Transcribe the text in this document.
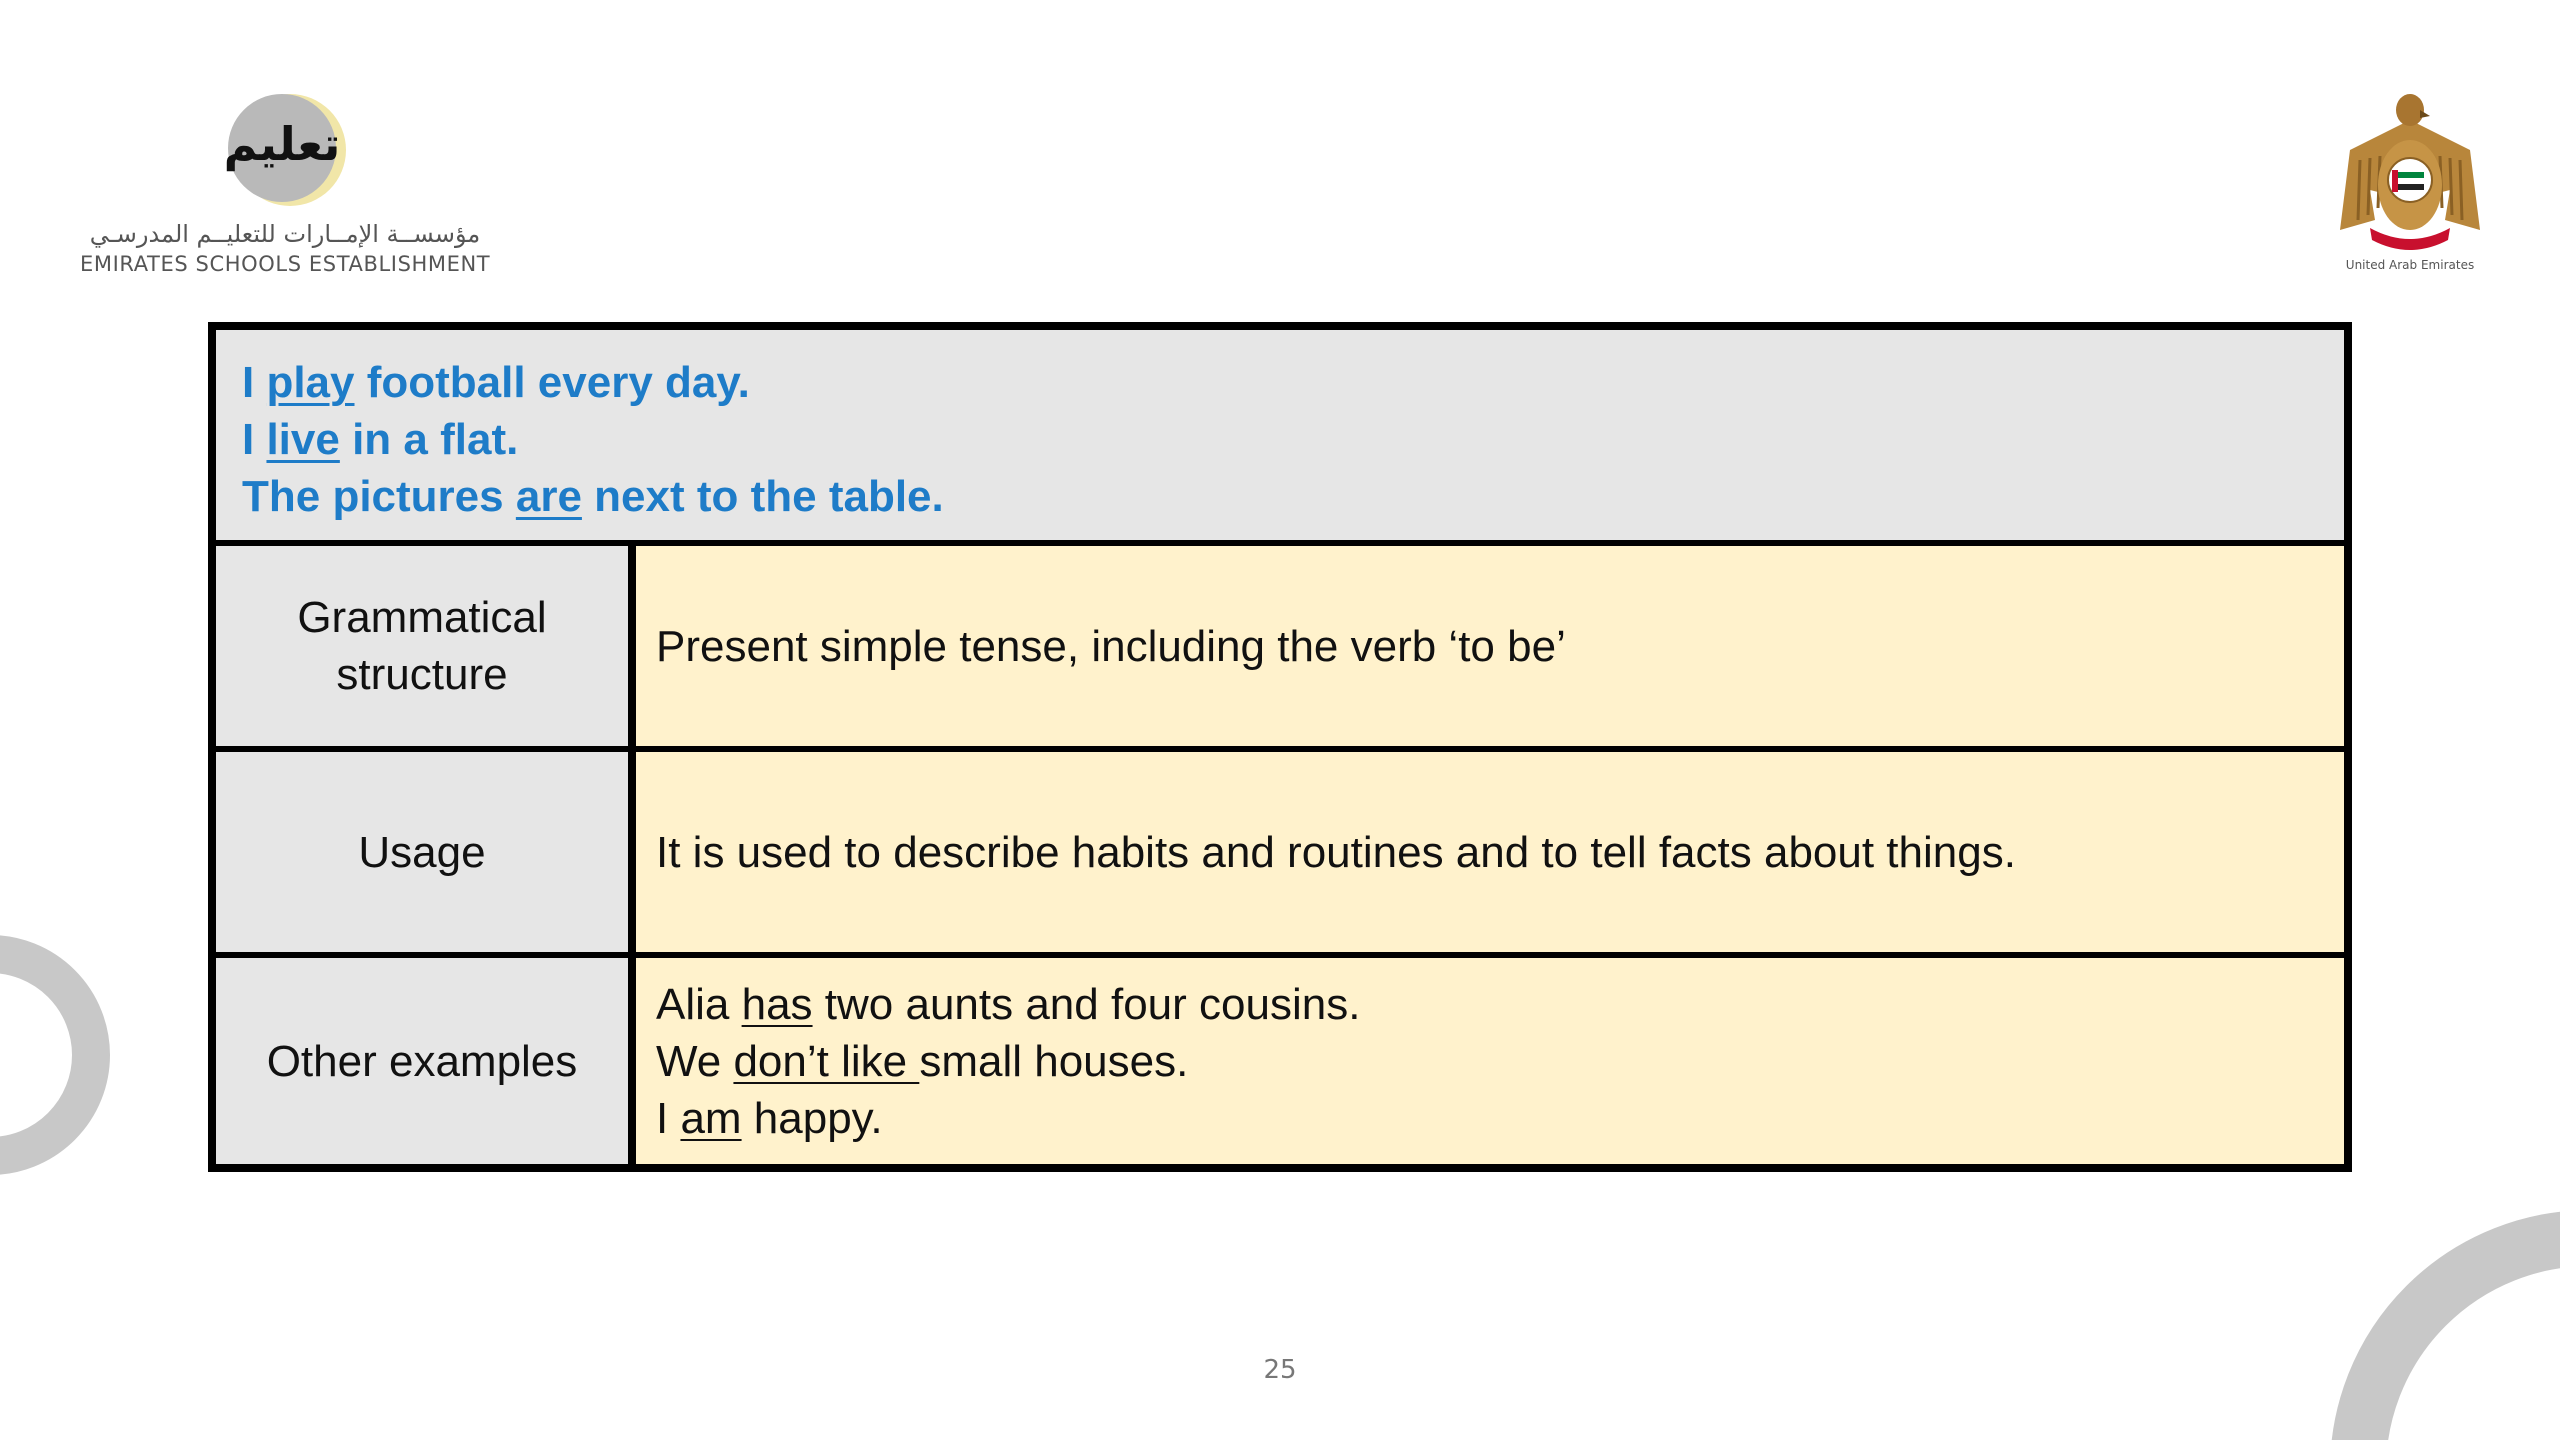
تعليم
مؤسســة الإمــارات للتعليــم المدرسـي
EMIRATES SCHOOLS ESTABLISHMENT	United Arab Emirates
I play football every day.
I live in a flat.
The pictures are next to the table.
Grammatical structure
Present simple tense, including the verb ‘to be’
Usage	It is used to describe habits and routines and to tell facts about things.
Other examples
Alia has two aunts and four cousins.
We don’t like small houses.
I am happy.
25
